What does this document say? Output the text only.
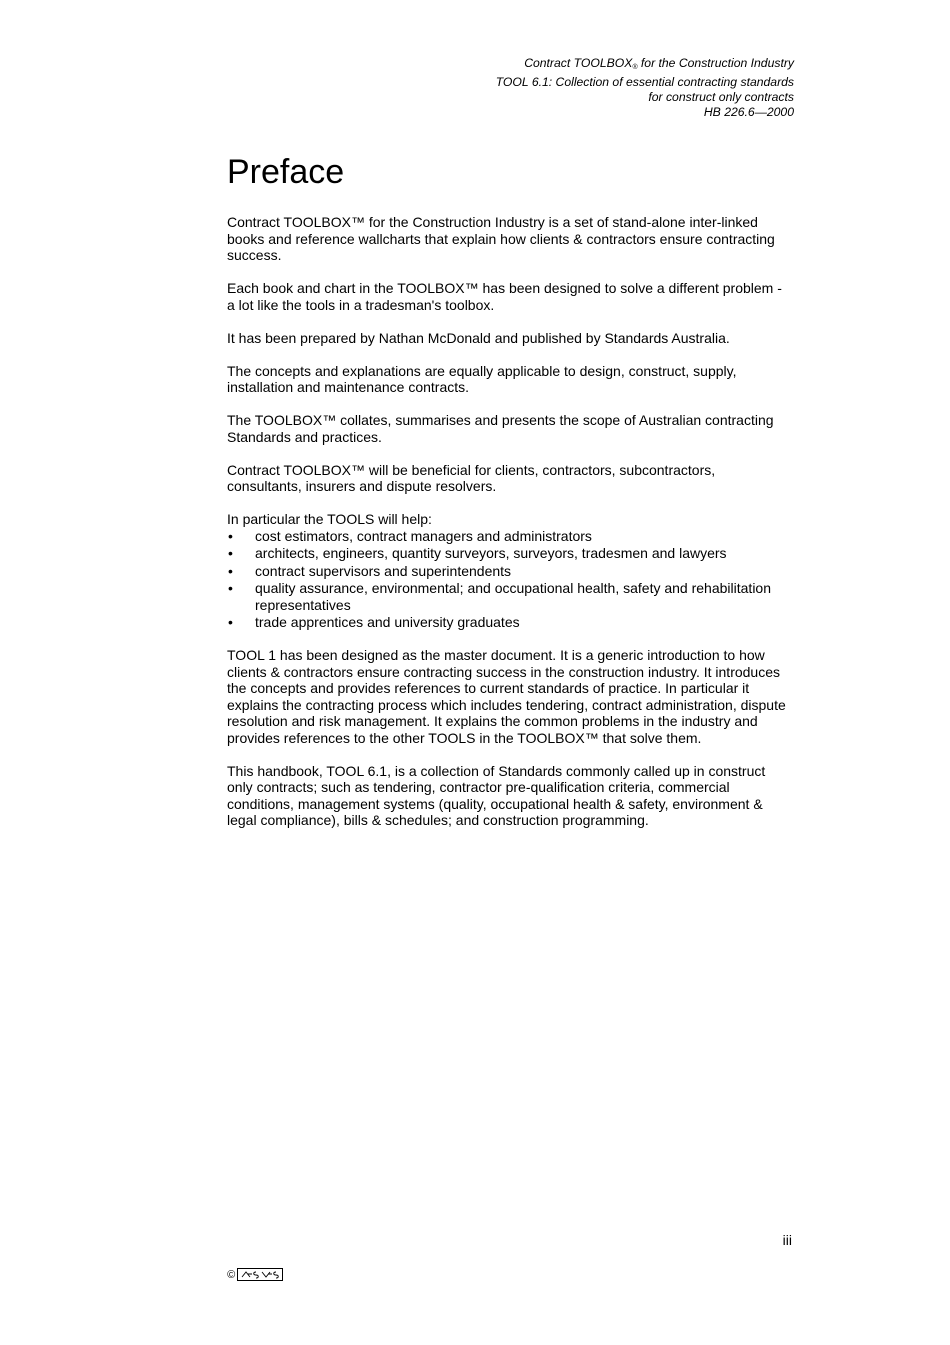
Contract $TOOLBOX_®$ for the Construction Industry
TOOL 6.1: Collection of essential contracting standards
for construct only contracts
HB 226.6—2000
Preface

Contract TOOLBOX™ for the Construction Industry is a set of stand-alone inter-linked books and reference wallcharts that explain how clients & contractors ensure contracting success.

Each book and chart in the TOOLBOX™ has been designed to solve a different problem - a lot like the tools in a tradesman's toolbox.

It has been prepared by Nathan McDonald and published by Standards Australia.

The concepts and explanations are equally applicable to design, construct, supply, installation and maintenance contracts.

The TOOLBOX™ collates, summarises and presents the scope of Australian contracting Standards and practices.

Contract TOOLBOX™ will be beneficial for clients, contractors, subcontractors, consultants, insurers and dispute resolvers.

In particular the TOOLS will help:

• cost estimators, contract managers and administrators
• architects, engineers, quantity surveyors, surveyors, tradesmen and lawyers
• contract supervisors and superintendents
• quality assurance, environmental; and occupational health, safety and rehabilitation representatives
• trade apprentices and university graduates

TOOL 1 has been designed as the master document. It is a generic introduction to how clients & contractors ensure contracting success in the construction industry. It introduces the concepts and provides references to current standards of practice. In particular it explains the contracting process which includes tendering, contract administration, dispute resolution and risk management. It explains the common problems in the industry and provides references to the other TOOLS in the TOOLBOX™ that solve them.

This handbook, TOOL 6.1, is a collection of Standards commonly called up in construct only contracts; such as tendering, contractor pre-qualification criteria, commercial conditions, management systems (quality, occupational health & safety, environment & legal compliance), bills & schedules; and construction programming.

iii
©
